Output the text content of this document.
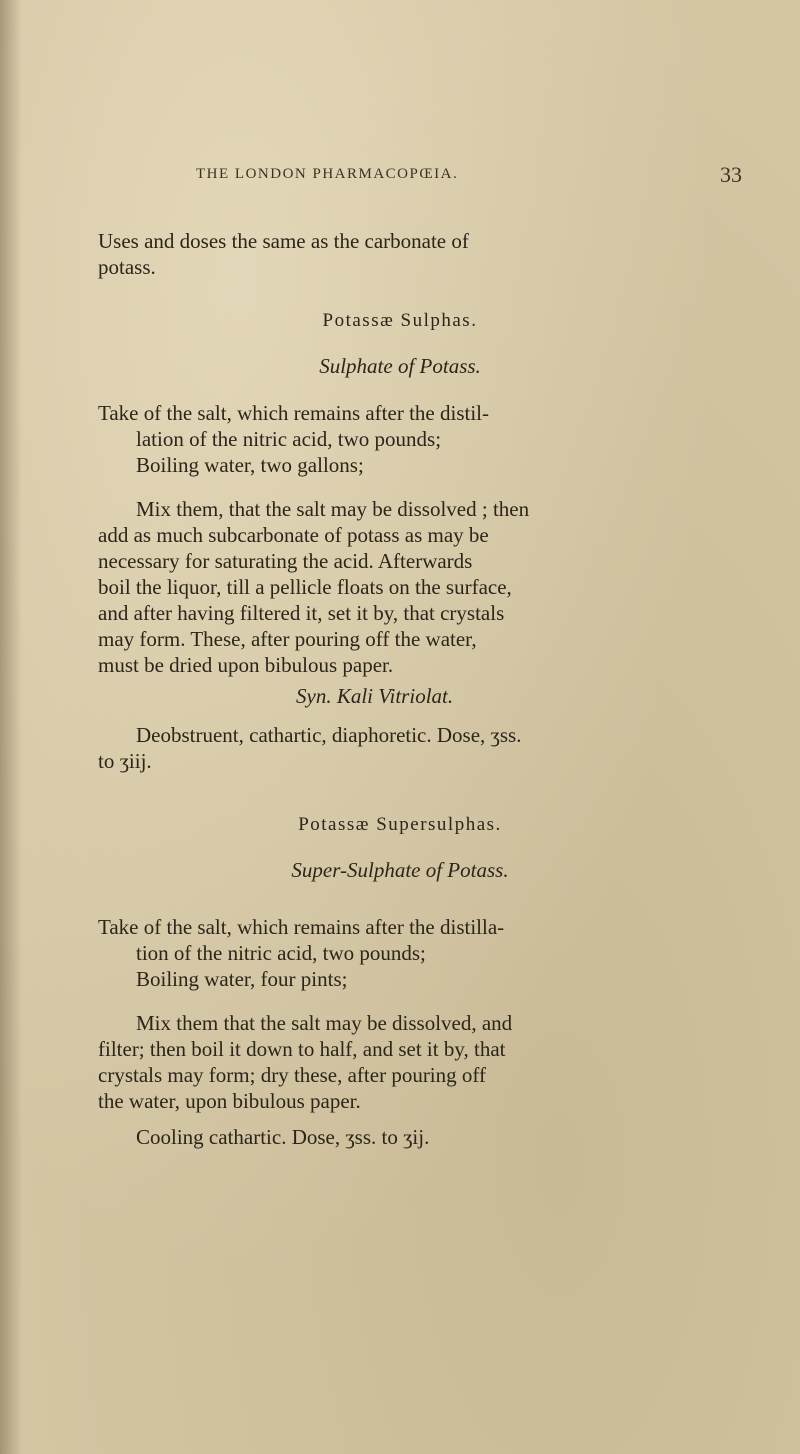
THE LONDON PHARMACOPŒIA.	33
Uses and doses the same as the carbonate of
potass.
Potassæ Sulphas.
Sulphate of Potass.
Take of the salt, which remains after the distil-
lation of the nitric acid, two pounds;
Boiling water, two gallons;
Mix them, that the salt may be dissolved ; then
add as much subcarbonate of potass as may be
necessary for saturating the acid. Afterwards
boil the liquor, till a pellicle floats on the surface,
and after having filtered it, set it by, that crystals
may form. These, after pouring off the water,
must be dried upon bibulous paper.
Syn. Kali Vitriolat.
Deobstruent, cathartic, diaphoretic. Dose, ʒss.
to ʒiij.
Potassæ Supersulphas.
Super-Sulphate of Potass.
Take of the salt, which remains after the distilla-
tion of the nitric acid, two pounds;
Boiling water, four pints;
Mix them that the salt may be dissolved, and
filter; then boil it down to half, and set it by, that
crystals may form; dry these, after pouring off
the water, upon bibulous paper.
Cooling cathartic. Dose, ʒss. to ʒij.
